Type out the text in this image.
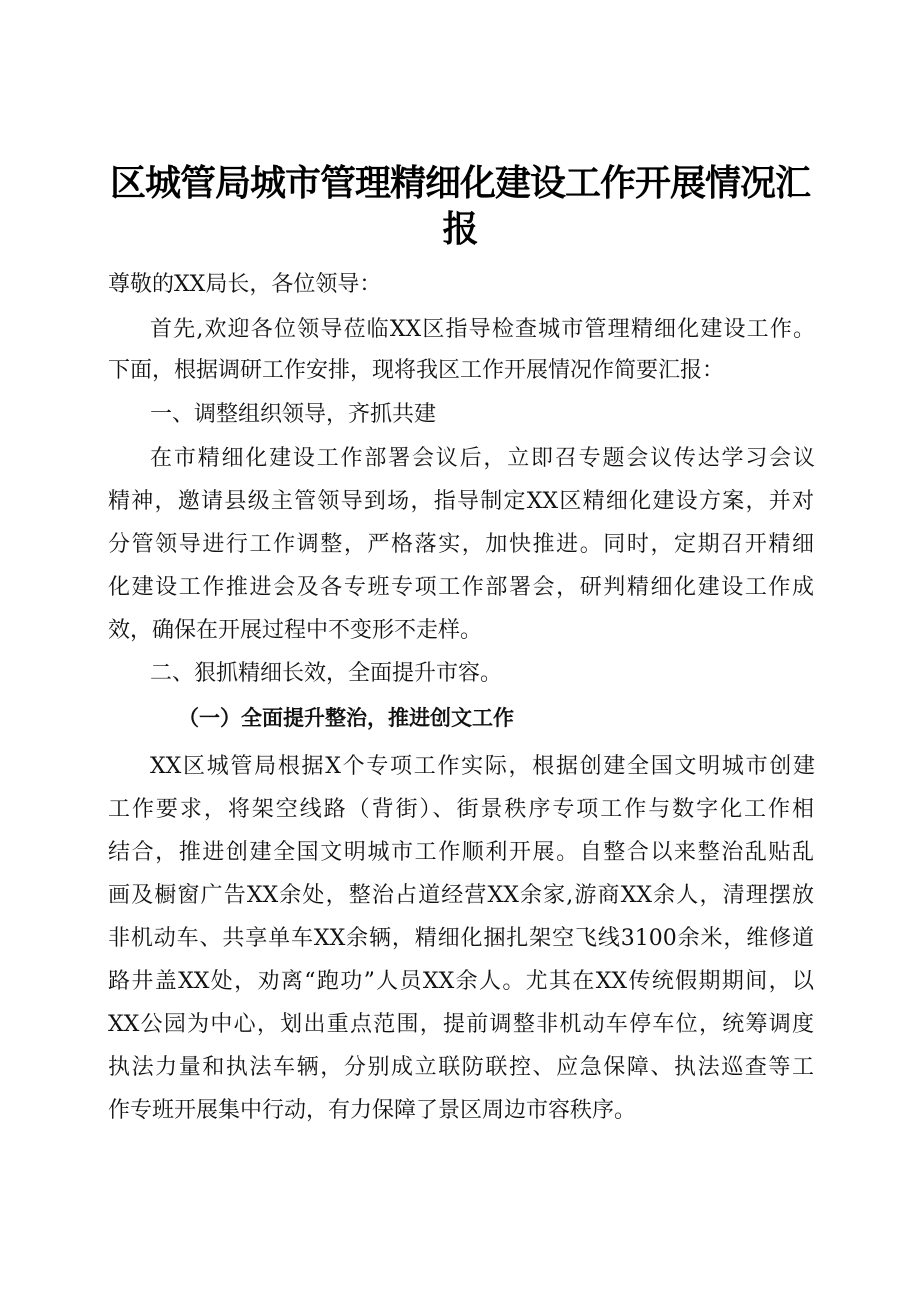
区城管局城市管理精细化建设工作开展情况汇
报
尊敬的XX局长，各位领导：
首先,欢迎各位领导莅临XX区指导检查城市管理精细化建设工作。
下面，根据调研工作安排，现将我区工作开展情况作简要汇报：
一、调整组织领导，齐抓共建
在市精细化建设工作部署会议后，立即召专题会议传达学习会议
精神，邀请县级主管领导到场，指导制定XX区精细化建设方案，并对
分管领导进行工作调整，严格落实，加快推进。同时，定期召开精细
化建设工作推进会及各专班专项工作部署会，研判精细化建设工作成
效，确保在开展过程中不变形不走样。
二、狠抓精细长效，全面提升市容。
（一）全面提升整治，推进创文工作
XX区城管局根据X个专项工作实际，根据创建全国文明城市创建
工作要求，将架空线路（背街）、街景秩序专项工作与数字化工作相
结合，推进创建全国文明城市工作顺利开展。自整合以来整治乱贴乱
画及橱窗广告XX余处，整治占道经营XX余家,游商XX余人，清理摆放
非机动车、共享单车XX余辆，精细化捆扎架空飞线3100余米，维修道
路井盖XX处，劝离“跑功”人员XX余人。尤其在XX传统假期期间，以
XX公园为中心，划出重点范围，提前调整非机动车停车位，统筹调度
执法力量和执法车辆，分别成立联防联控、应急保障、执法巡查等工
作专班开展集中行动，有力保障了景区周边市容秩序。
